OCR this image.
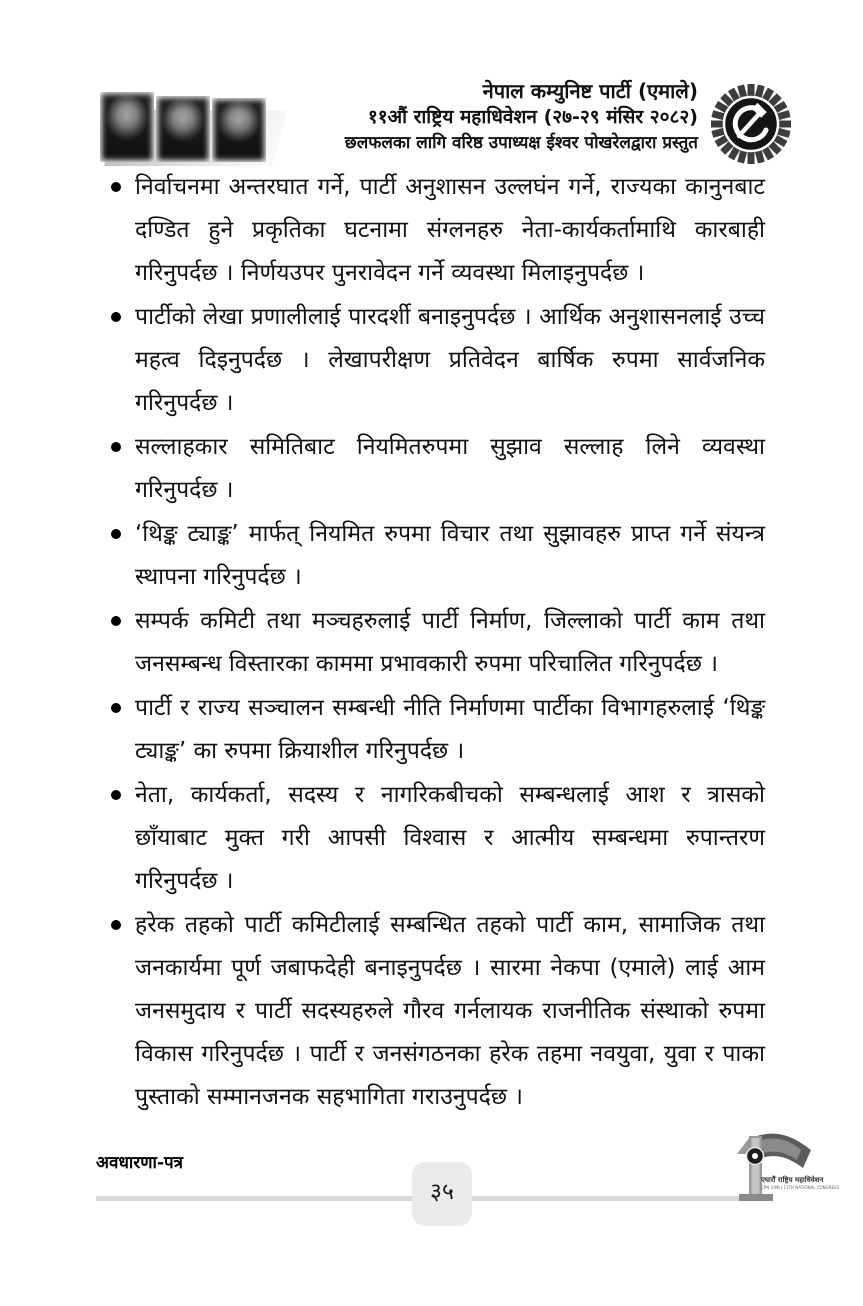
नेपाल कम्युनिष्ट पार्टी (एमाले)
११औं राष्ट्रिय महाधिवेशन (२७-२९ मंसिर २०८२)
छलफलका लागि वरिष्ठ उपाध्यक्ष ईश्वर पोखरेलद्वारा प्रस्तुत
निर्वाचनमा अन्तरघात गर्ने, पार्टी अनुशासन उल्लघंन गर्ने, राज्यका कानुनबाट दण्डित हुने प्रकृतिका घटनामा संग्लनहरु नेता-कार्यकर्तामाथि कारबाही गरिनुपर्दछ । निर्णयउपर पुनरावेदन गर्ने व्यवस्था मिलाइनुपर्दछ ।
पार्टीको लेखा प्रणालीलाई पारदर्शी बनाइनुपर्दछ । आर्थिक अनुशासनलाई उच्च महत्व दिइनुपर्दछ । लेखापरीक्षण प्रतिवेदन बार्षिक रुपमा सार्वजनिक गरिनुपर्दछ ।
सल्लाहकार समितिबाट नियमितरुपमा सुझाव सल्लाह लिने व्यवस्था गरिनुपर्दछ ।
‘थिङ्क ट्याङ्क’ मार्फत् नियमित रुपमा विचार तथा सुझावहरु प्राप्त गर्ने संयन्त्र स्थापना गरिनुपर्दछ ।
सम्पर्क कमिटी तथा मञ्चहरुलाई पार्टी निर्माण, जिल्लाको पार्टी काम तथा जनसम्बन्ध विस्तारका काममा प्रभावकारी रुपमा परिचालित गरिनुपर्दछ ।
पार्टी र राज्य सञ्चालन सम्बन्धी नीति निर्माणमा पार्टीका विभागहरुलाई ‘थिङ्क ट्याङ्क’ का रुपमा क्रियाशील गरिनुपर्दछ ।
नेता, कार्यकर्ता, सदस्य र नागरिकबीचको सम्बन्धलाई आश र त्रासको छाँयाबाट मुक्त गरी आपसी विश्वास र आत्मीय सम्बन्धमा रुपान्तरण गरिनुपर्दछ ।
हरेक तहको पार्टी कमिटीलाई सम्बन्धित तहको पार्टी काम, सामाजिक तथा जनकार्यमा पूर्ण जबाफदेही बनाइनुपर्दछ । सारमा नेकपा (एमाले) लाई आम जनसमुदाय र पार्टी सदस्यहरुले गौरव गर्नलायक राजनीतिक संस्थाको रुपमा विकास गरिनुपर्दछ । पार्टी र जनसंगठनका हरेक तहमा नवयुवा, युवा र पाका पुस्ताको सम्मानजनक सहभागिता गराउनुपर्दछ ।
अवधारणा-पत्र
३५	एघारौं राष्ट्रिय महाधिवेशन
CPN (UML) 11TH NATIONAL CONGRESS
